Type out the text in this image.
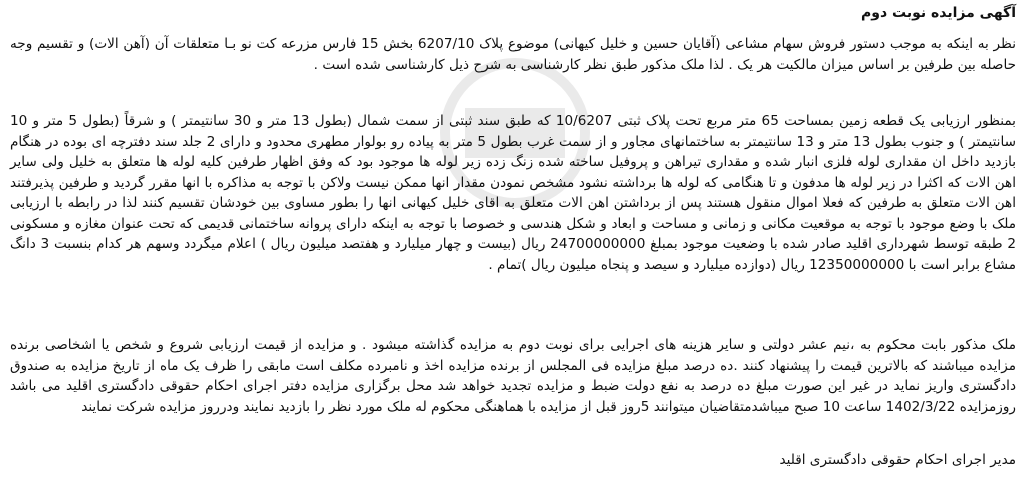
آگهی مزایده نوبت دوم

نظر به اینکه به موجب دستور فروش سهام مشاعی (آقایان حسین و خلیل کیهانی) موضوع پلاک 6207/10 بخش 15 فارس مزرعه کت نو بـا متعلقات آن (آهن الات) و تقسیم وجه حاصله بین طرفین بر اساس میزان مالکیت هر یک . لذا ملک مذکور طبق نظر کارشناسی به شرح ذیل کارشناسی شده است .

بمنظور ارزیابی یک قطعه زمین بمساحت 65 متر مربع تحت پلاک ثبتی 10/6207 که طبق سند ثبتی از سمت شمال (بطول 13 متر و 30 سانتیمتر ) و شرقاً (بطول 5 متر و 10 سانتیمتر ) و جنوب بطول 13 متر و 13 سانتیمتر به ساختمانهای مجاور و از سمت غرب بطول 5 متر به پیاده رو بولوار مطهری محدود و دارای 2 جلد سند دفترچه ای بوده در هنگام بازدید داخل ان مقداری لوله فلزی انبار شده و مقداری تیراهن و پروفیل ساخته شده زنگ زده زیر لوله ها موجود بود که وفق اظهار طرفین کلیه لوله ها متعلق به خلیل ولی سایر اهن الات که اکثرا در زیر لوله ها مدفون و تا هنگامی که لوله ها برداشته نشود مشخص نمودن مقدار انها ممکن نیست ولاکن با توجه به مذاکره با انها مقرر گردید و طرفین پذیرفتند اهن الات متعلق به طرفین که فعلا اموال منقول هستند پس از برداشتن اهن الات متعلق به اقای خلیل کیهانی انها را بطور مساوی بین خودشان تقسیم کنند لذا در رابطه با ارزیابی ملک با وضع موجود با توجه به موقعیت مکانی و زمانی و مساحت و ابعاد و شکل هندسی و خصوصا با توجه به اینکه دارای پروانه ساختمانی قدیمی که تحت عنوان مغازه و مسکونی 2 طبقه توسط شهرداری اقلید صادر شده با وضعیت موجود بمبلغ 24700000000 ریال (بیست و چهار میلیارد و هفتصد میلیون ریال ) اعلام میگردد وسهم هر کدام بنسبت 3 دانگ مشاع برابر است با 12350000000 ریال (دوازده میلیارد و سیصد و پنجاه میلیون ریال )تمام .

ملک مذکور بابت محکوم به ،نیم عشر دولتی و سایر هزینه های اجرایی برای نوبت دوم به مزایده گذاشته میشود . و مزایده از قیمت ارزیابی شروع و شخص یا اشخاصی برنده مزایده میباشند که بالاترین قیمت را پیشنهاد کنند .ده درصد مبلغ مزایده فی المجلس از برنده مزایده اخذ و نامبرده مکلف است مابقی را ظرف یک ماه از تاریخ مزایده به صندوق دادگستری واریز نماید در غیر این صورت مبلغ ده درصد به نفع دولت ضبط و مزایده تجدید خواهد شد محل برگزاری مزایده دفتر اجرای احکام حقوقی دادگستری اقلید می باشد روزمزایده 1402/3/22 ساعت 10 صبح میباشدمتقاضیان میتوانند 5روز قبل از مزایده با هماهنگی محکوم له ملک مورد نظر را بازدید نمایند ودرروز مزایده شرکت نمایند

مدیر اجرای احکام حقوقی دادگستری اقلید
